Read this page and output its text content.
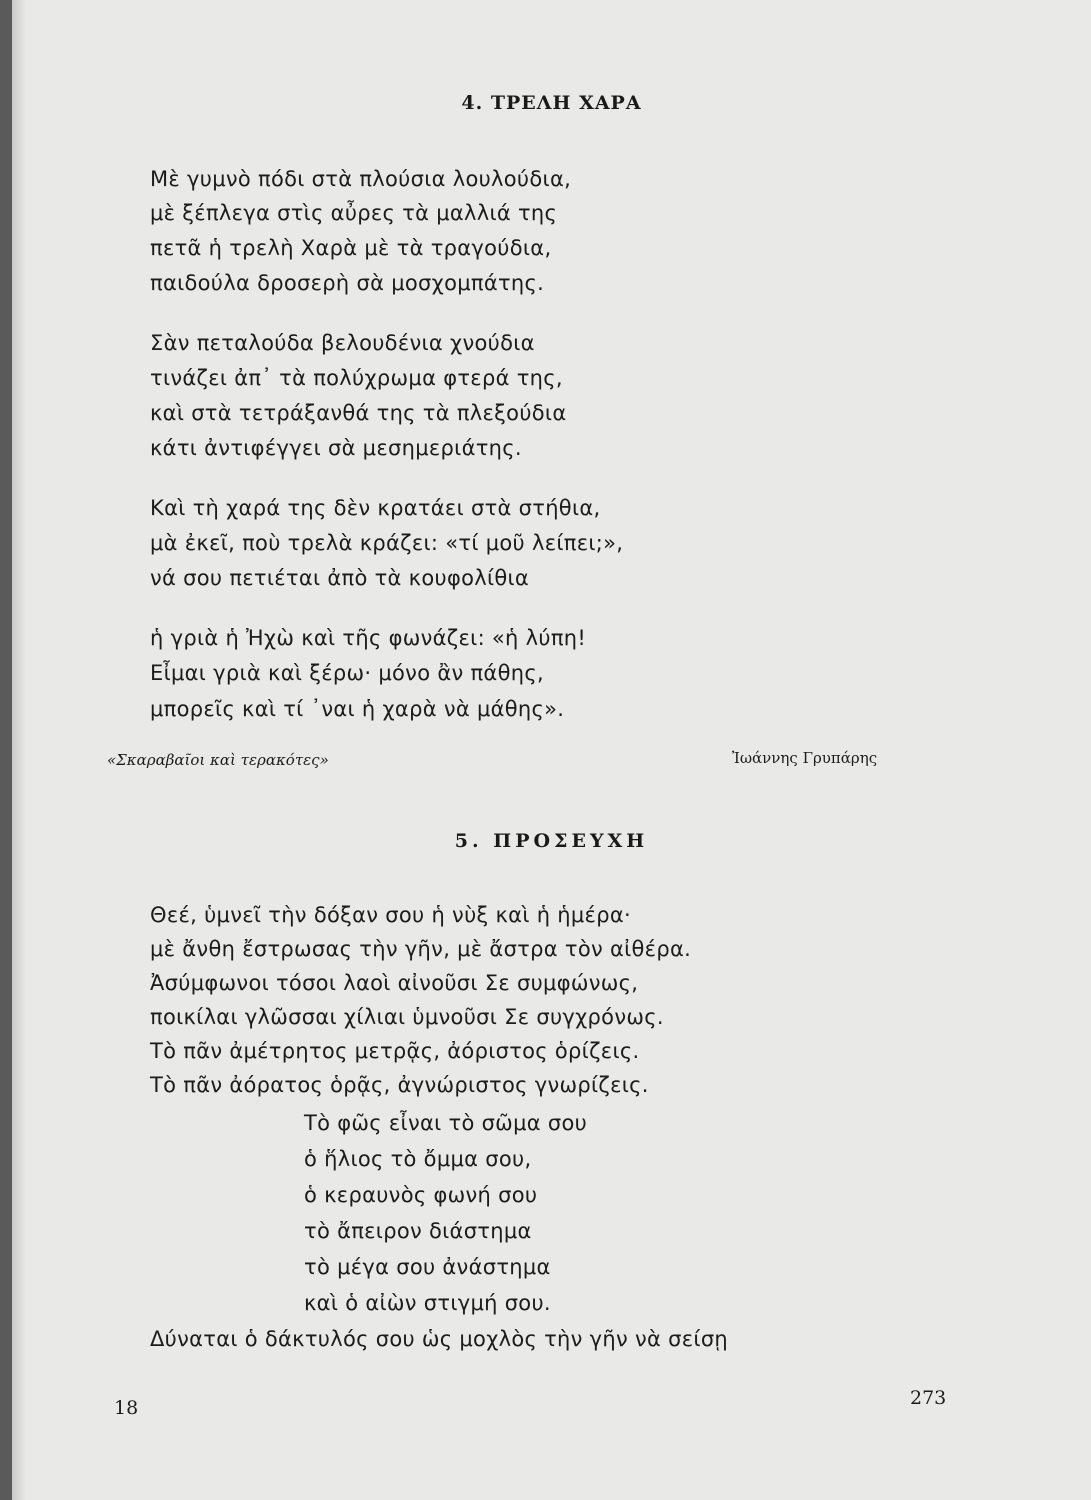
4. ΤΡΕΛΗ ΧΑΡΑ
Μὲ γυμνὸ πόδι στὰ πλούσια λουλούδια,
μὲ ξέπλεγα στὶς αὖρες τὰ μαλλιά της
πετᾶ ἡ τρελὴ Χαρὰ μὲ τὰ τραγούδια,
παιδούλα δροσερὴ σὰ μοσχομπάτης.
Σὰν πεταλούδα βελουδένια χνούδια
τινάζει ἀπ᾽ τὰ πολύχρωμα φτερά της,
καὶ στὰ τετράξανθά της τὰ πλεξούδια
κάτι ἀντιφέγγει σὰ μεσημεριάτης.
Καὶ τὴ χαρά της δὲν κρατάει στὰ στήθια,
μὰ ἐκεῖ, ποὺ τρελὰ κράζει: «τί μοῦ λείπει;»,
νά σου πετιέται ἀπὸ τὰ κουφολίθια
ἡ γριὰ ἡ Ἠχὼ καὶ τῆς φωνάζει: «ἡ λύπη!
Εἶμαι γριὰ καὶ ξέρω· μόνο ἂν πάθης,
μπορεῖς καὶ τί ᾽ναι ἡ χαρὰ νὰ μάθης».
«Σκαραβαῖοι καὶ τερακότες»	Ἰωάννης Γρυπάρης
5. ΠΡΟΣΕΥΧΗ
Θεέ, ὑμνεῖ τὴν δόξαν σου ἡ νὺξ καὶ ἡ ἡμέρα·
μὲ ἄνθη ἔστρωσας τὴν γῆν, μὲ ἄστρα τὸν αἰθέρα.
Ἀσύμφωνοι τόσοι λαοὶ αἰνοῦσι Σε συμφώνως,
ποικίλαι γλῶσσαι χίλιαι ὑμνοῦσι Σε συγχρόνως.
Τὸ πᾶν ἀμέτρητος μετρᾷς, ἀόριστος ὁρίζεις.
Τὸ πᾶν ἀόρατος ὁρᾷς, ἀγνώριστος γνωρίζεις.
Τὸ φῶς εἶναι τὸ σῶμα σου
ὁ ἥλιος τὸ ὄμμα σου,
ὁ κεραυνὸς φωνή σου
τὸ ἄπειρον διάστημα
τὸ μέγα σου ἀνάστημα
καὶ ὁ αἰὼν στιγμή σου.
Δύναται ὁ δάκτυλός σου ὡς μοχλὸς τὴν γῆν νὰ σείσῃ
18	273
